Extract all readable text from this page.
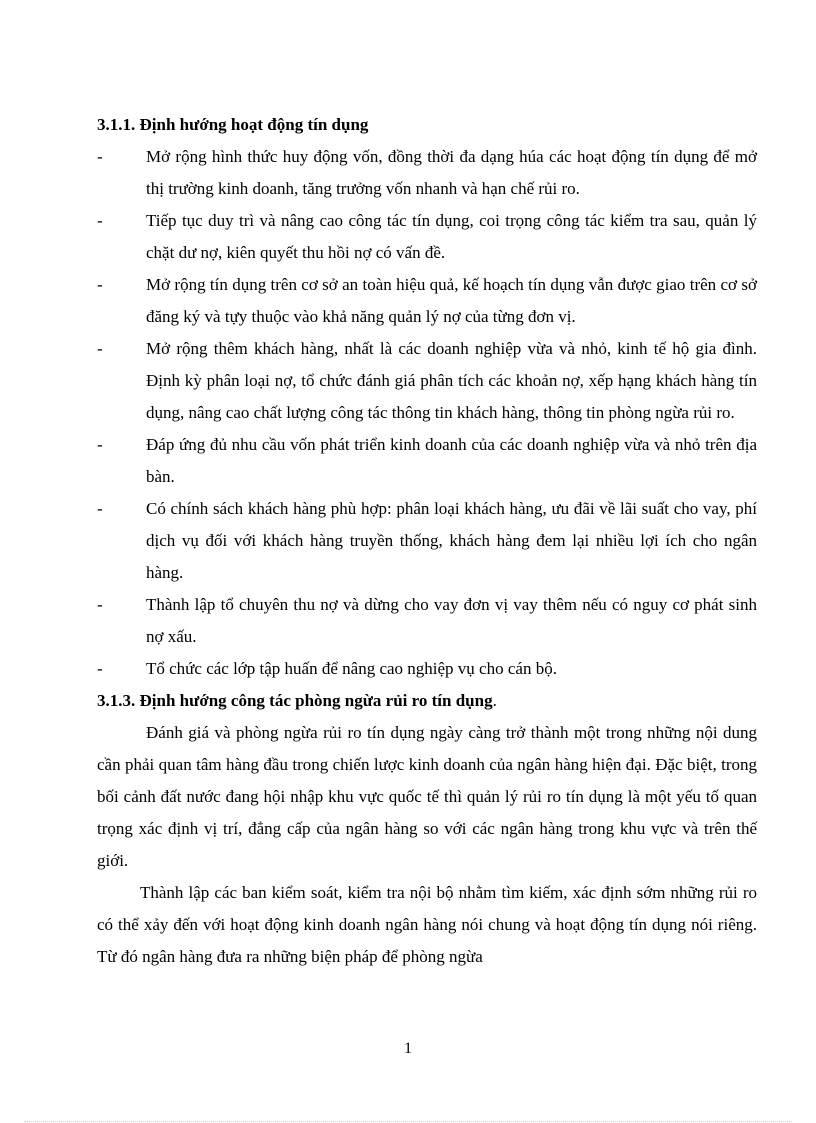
3.1.1. Định hướng hoạt động tín dụng

-	Mở rộng hình thức huy động vốn, đồng thời đa dạng húa các hoạt động tín dụng để mở thị trường kinh doanh, tăng trưởng vốn nhanh và hạn chế rủi ro.

-	Tiếp tục duy trì và nâng cao công tác tín dụng, coi trọng công tác kiểm tra sau, quản lý chặt dư nợ, kiên quyết thu hồi nợ có vấn đề.

-	Mở rộng tín dụng trên cơ sở an toàn hiệu quả, kế hoạch tín dụng vẫn được giao trên cơ sở đăng ký và tựy thuộc vào khả năng quản lý nợ của từng đơn vị.

-	Mở rộng thêm khách hàng, nhất là các doanh nghiệp vừa và nhỏ, kinh tế hộ gia đình. Định kỳ phân loại nợ, tổ chức đánh giá phân tích các khoản nợ, xếp hạng khách hàng tín dụng, nâng cao chất lượng công tác thông tin khách hàng, thông tin phòng ngừa rủi ro.

-	Đáp ứng đủ nhu cầu vốn phát triển kinh doanh của các doanh nghiệp vừa và nhỏ trên địa bàn.

-	Có chính sách khách hàng phù hợp: phân loại khách hàng, ưu đãi về lãi suất cho vay, phí dịch vụ đối với khách hàng truyền thống, khách hàng đem lại nhiều lợi ích cho ngân hàng.

-	Thành lập tổ chuyên thu nợ và dừng cho vay đơn vị vay thêm nếu có nguy cơ phát sinh nợ xấu.

-	Tổ chức các lớp tập huấn để nâng cao nghiệp vụ cho cán bộ.

3.1.3. Định hướng công tác phòng ngừa rủi ro tín dụng.

Đánh giá và phòng ngừa rủi ro tín dụng ngày càng trở thành một trong những nội dung cần phải quan tâm hàng đầu trong chiến lược kinh doanh của ngân hàng hiện đại. Đặc biệt, trong bối cảnh đất nước đang hội nhập khu vực quốc tế thì quản lý rủi ro tín dụng là một yếu tố quan trọng xác định vị trí, đẳng cấp của ngân hàng so với các ngân hàng trong khu vực và trên thế giới.

Thành lập các ban kiểm soát, kiểm tra nội bộ nhằm tìm kiếm, xác định sớm những rủi ro có thể xảy đến với hoạt động kinh doanh ngân hàng nói chung và hoạt động tín dụng nói riêng. Từ đó ngân hàng đưa ra những biện pháp để phòng ngừa

1
